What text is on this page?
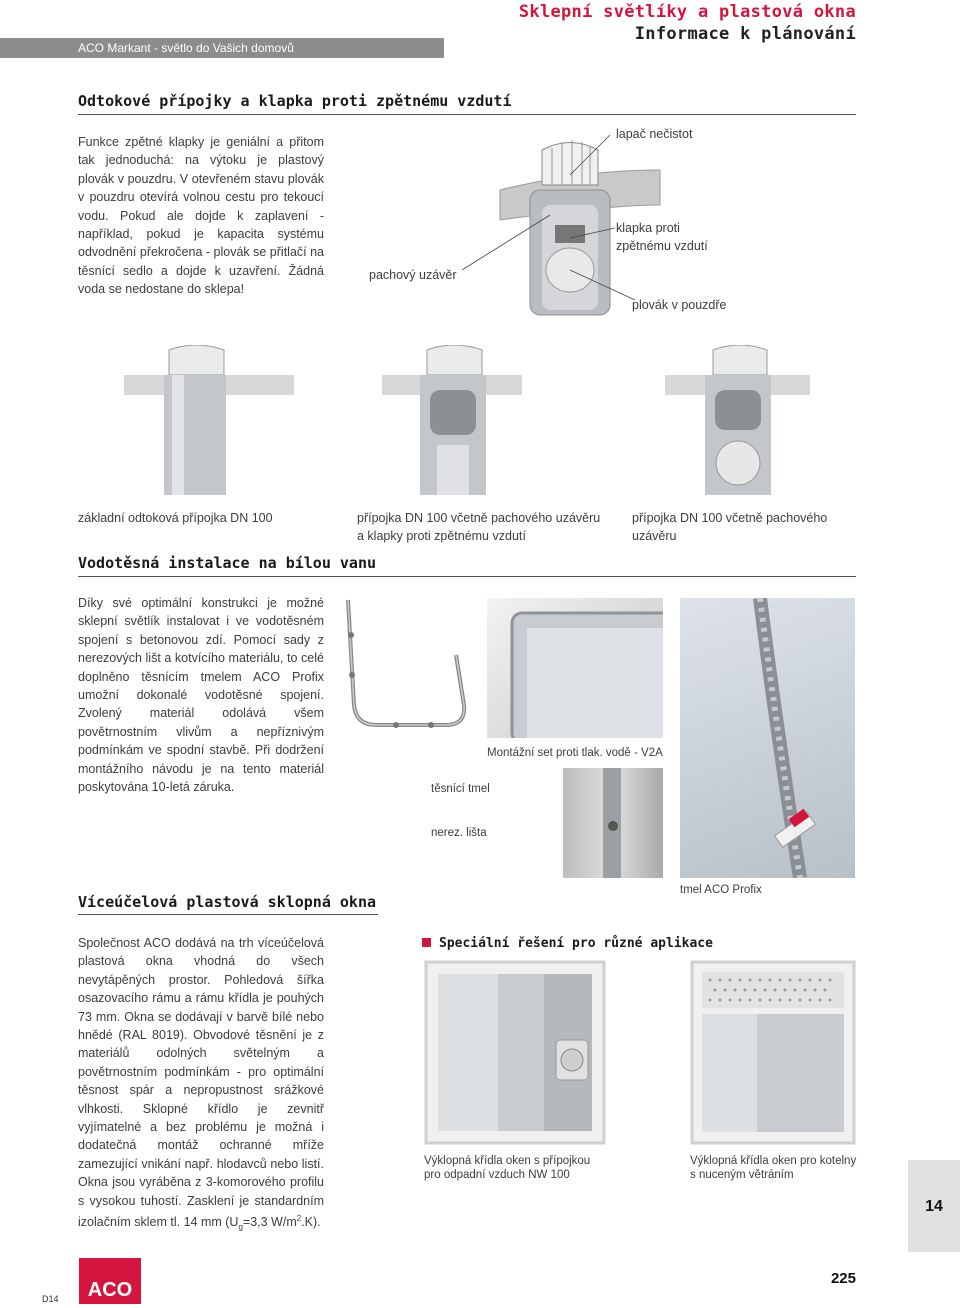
ACO Markant - světlo do Vašich domovů
Sklepní světlíky a plastová okna
Informace k plánování
Odtokové přípojky a klapka proti zpětnému vzdutí
Funkce zpětné klapky je geniální a přitom tak jednoduchá: na výtoku je plastový plovák v pouzdru. V otevřeném stavu plovák v pouzdru otevírá volnou cestu pro tekoucí vodu. Pokud ale dojde k zaplavení - například, pokud je kapacita systému odvodnění překročena - plovák se přitlačí na těsnící sedlo a dojde k uzavření. Žádná voda se nedostane do sklepa!
pachový uzávěr
lapač nečistot
klapka proti zpětnému vzdutí
plovák v pouzdře
základní odtoková přípojka DN 100	přípojka DN 100 včetně pachového uzávěru a klapky proti zpětnému vzdutí
přípojka DN 100 včetně pachového uzávěru
Vodotěsná instalace na bílou vanu
Díky své optimální konstrukci je možné sklepní světlík instalovat i ve vodotěsném spojení s betonovou zdí. Pomocí sady z nerezových lišt a kotvícího materiálu, to celé doplněno těsnícím tmelem ACO Profix umožní dokonalé vodotěsné spojení. Zvolený materiál odolává všem povětrnostním vlivům a nepříznivým podmínkám ve spodní stavbě. Při dodržení montážního návodu je na tento materiál poskytována 10-letá záruka.
Montážní set proti tlak. vodě - V2A
těsnící tmel
nerez. lišta
tmel ACO Profix
Víceúčelová plastová sklopná okna
Společnost ACO dodává na trh víceúčelová plastová okna vhodná do všech nevytápěných prostor. Pohledová šířka osazovacího rámu a rámu křídla je pouhých 73 mm. Okna se dodávají v barvě bílé nebo hnědé (RAL 8019). Obvodové těsnění je z materiálů odolných světelným a povětrnostním podmínkám - pro optimální těsnost spár a nepropustnost srážkové vlhkosti. Sklopné křídlo je zevnitř vyjímatelné a bez problému je možná i dodatečná montáž ochranné mříže zamezující vnikání např. hlodavců nebo listí. Okna jsou vyráběna z 3-komorového profilu s vysokou tuhostí. Zasklení je standardním izolačním sklem tl. 14 mm ($U_g=3,3$ $W/m^2.K$).
Speciální řešení pro různé aplikace
Výklopná křídla oken s přípojkou
pro odpadní vzduch NW 100
Výklopná křídla oken pro kotelny
s nuceným větráním
14
ACO
225
D14
